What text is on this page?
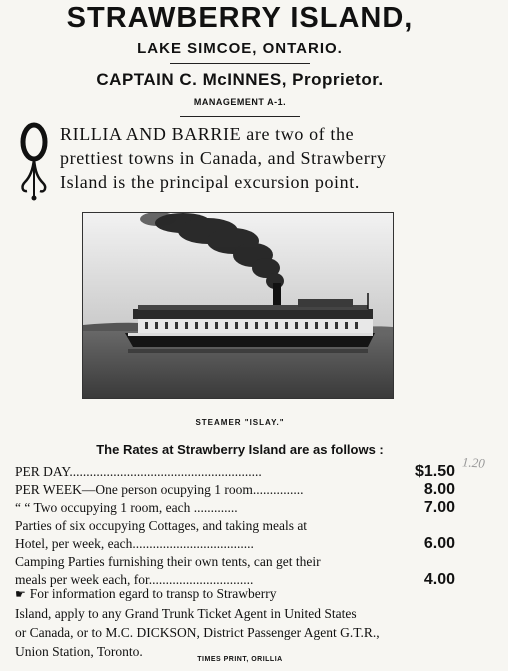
STRAWBERRY ISLAND,
LAKE SIMCOE, ONTARIO.
CAPTAIN C. McINNES, Proprietor.
MANAGEMENT A-1.
RILLIA AND BARRIE are two of the
prettiest towns in Canada, and Strawberry
Island is the principal excursion point.
STEAMER "ISLAY."
The Rates at Strawberry Island are as follows :
PER DAY.........................................................	$1.50
PER WEEK—One person ocupying 1 room...............	8.00
“ “ Two occupying 1 room, each .............	7.00
Parties of six occupying Cottages, and taking meals at
Hotel, per week, each....................................	6.00
Camping Parties furnishing their own tents, can get their
meals per week each, for...............................	4.00
☛ For information egard to transp to Strawberry
Island, apply to any Grand Trunk Ticket Agent in United States
or Canada, or to M.C. DICKSON, District Passenger Agent G.T.R.,
Union Station, Toronto.
TIMES PRINT, ORILLIA
1.20
